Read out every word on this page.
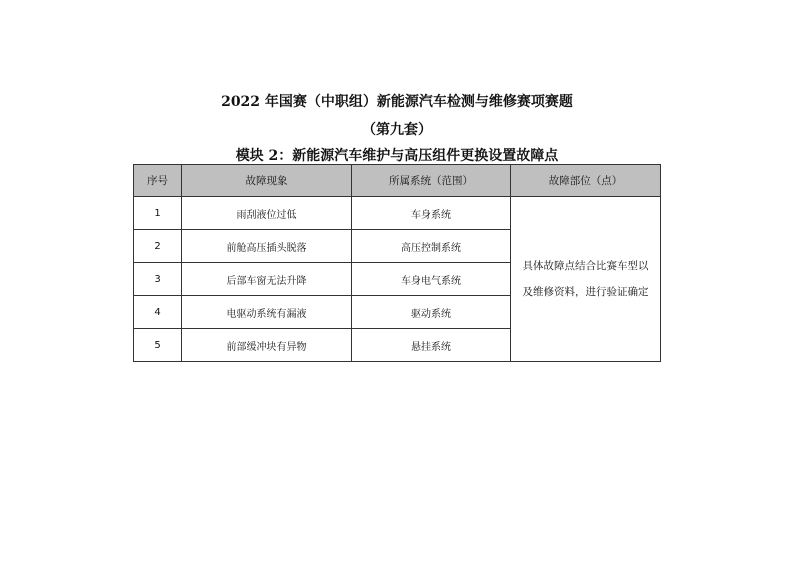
2022 年国赛（中职组）新能源汽车检测与维修赛项赛题
（第九套）
模块 2：新能源汽车维护与高压组件更换设置故障点
序号	故障现象	所属系统（范围）	故障部位（点）
1	雨刮液位过低	车身系统	具体故障点结合比赛车型以
及维修资料，进行验证确定

2	前舱高压插头脱落	高压控制系统	
3	后部车窗无法升降	车身电气系统	
4	电驱动系统有漏液	驱动系统	
5	前部缓冲块有异物	悬挂系统	
